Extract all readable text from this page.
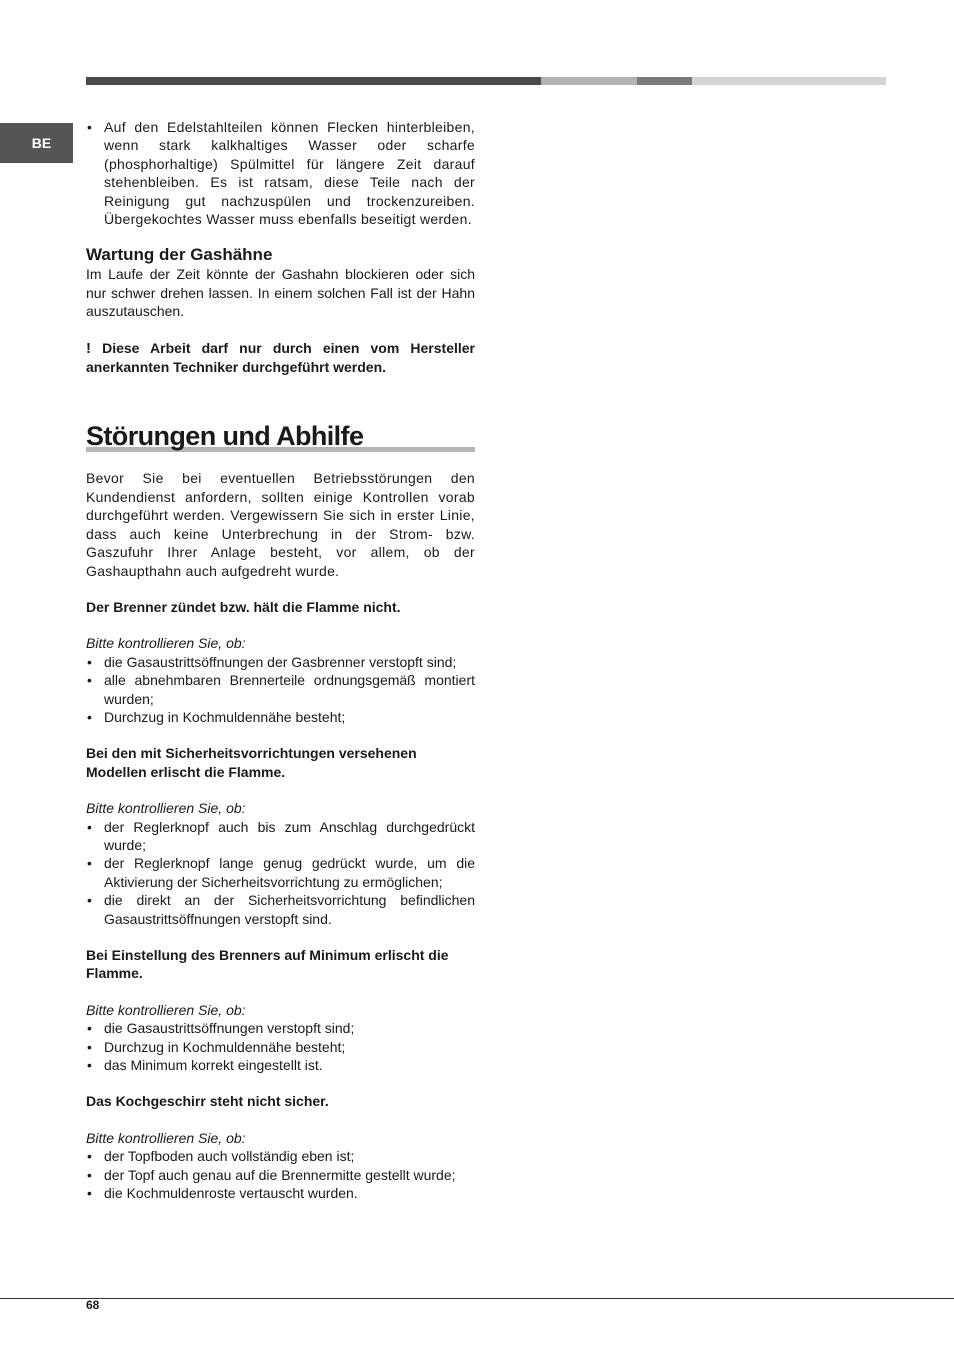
BE
• Auf den Edelstahlteilen können Flecken hinterbleiben, wenn stark kalkhaltiges Wasser oder scharfe (phosphorhaltige) Spülmittel für längere Zeit darauf stehenbleiben. Es ist ratsam, diese Teile nach der Reinigung gut nachzuspülen und trockenzureiben. Übergekochtes Wasser muss ebenfalls beseitigt werden.
Wartung der Gashähne

Im Laufe der Zeit könnte der Gashahn blockieren oder sich nur schwer drehen lassen. In einem solchen Fall ist der Hahn auszutauschen.

! Diese Arbeit darf nur durch einen vom Hersteller anerkannten Techniker durchgeführt werden.

Störungen und Abhilfe

Bevor Sie bei eventuellen Betriebsstörungen den Kundendienst anfordern, sollten einige Kontrollen vorab durchgeführt werden. Vergewissern Sie sich in erster Linie, dass auch keine Unterbrechung in der Strom- bzw. Gaszufuhr Ihrer Anlage besteht, vor allem, ob der Gashaupthahn auch aufgedreht wurde.

Der Brenner zündet bzw. hält die Flamme nicht.

Bitte kontrollieren Sie, ob:

• die Gasaustrittsöffnungen der Gasbrenner verstopft sind;
• alle abnehmbaren Brennerteile ordnungsgemäß montiert wurden;
• Durchzug in Kochmuldennähe besteht;

Bei den mit Sicherheitsvorrichtungen versehenen Modellen erlischt die Flamme.

Bitte kontrollieren Sie, ob:

• der Reglerknopf auch bis zum Anschlag durchgedrückt wurde;
• der Reglerknopf lange genug gedrückt wurde, um die Aktivierung der Sicherheitsvorrichtung zu ermöglichen;
• die direkt an der Sicherheitsvorrichtung befindlichen Gasaustrittsöffnungen verstopft sind.

Bei Einstellung des Brenners auf Minimum erlischt die Flamme.

Bitte kontrollieren Sie, ob:

• die Gasaustrittsöffnungen verstopft sind;
• Durchzug in Kochmuldennähe besteht;
• das Minimum korrekt eingestellt ist.

Das Kochgeschirr steht nicht sicher.

Bitte kontrollieren Sie, ob:

• der Topfboden auch vollständig eben ist;
• der Topf auch genau auf die Brennermitte gestellt wurde;
• die Kochmuldenroste vertauscht wurden.
68
